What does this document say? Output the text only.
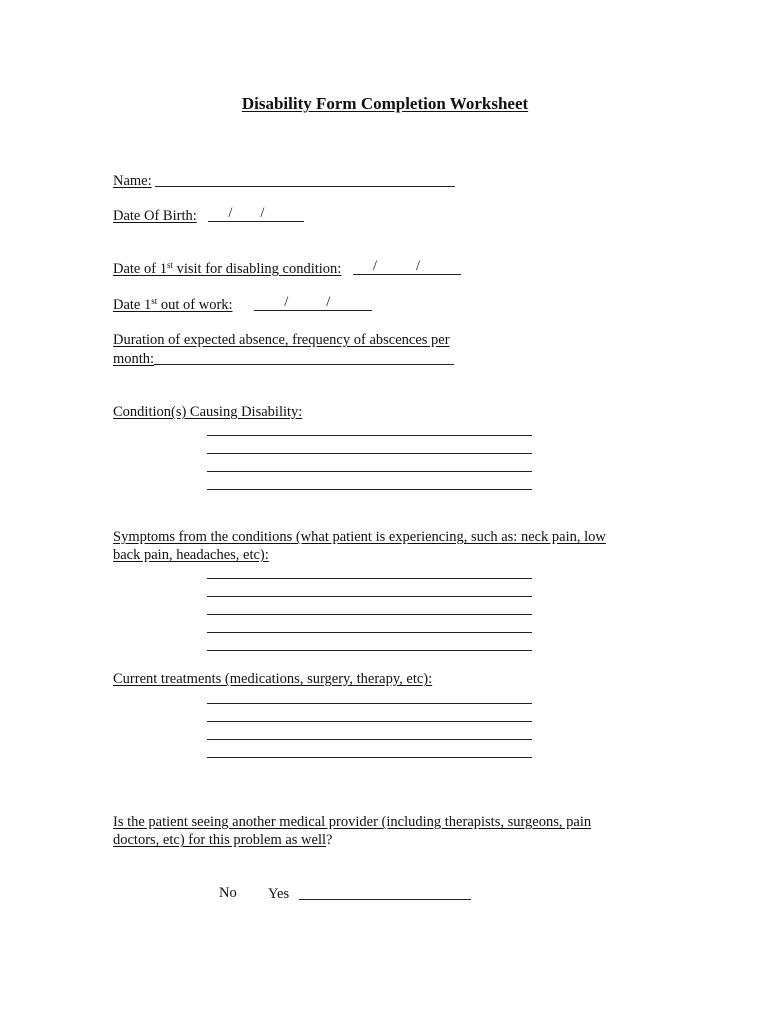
Disability Form Completion Worksheet
Name:
Date Of Birth: / /
Date of 1st visit for disabling condition: /	/
Date 1st out of work:	/	/
Duration of expected absence, frequency of abscences per
month:
Condition(s) Causing Disability:
Symptoms from the conditions (what patient is experiencing, such as: neck pain, low
back pain, headaches, etc):
Current treatments (medications, surgery, therapy, etc):
Is the patient seeing another medical provider (including therapists, surgeons, pain
doctors, etc) for this problem as well?
No Yes
